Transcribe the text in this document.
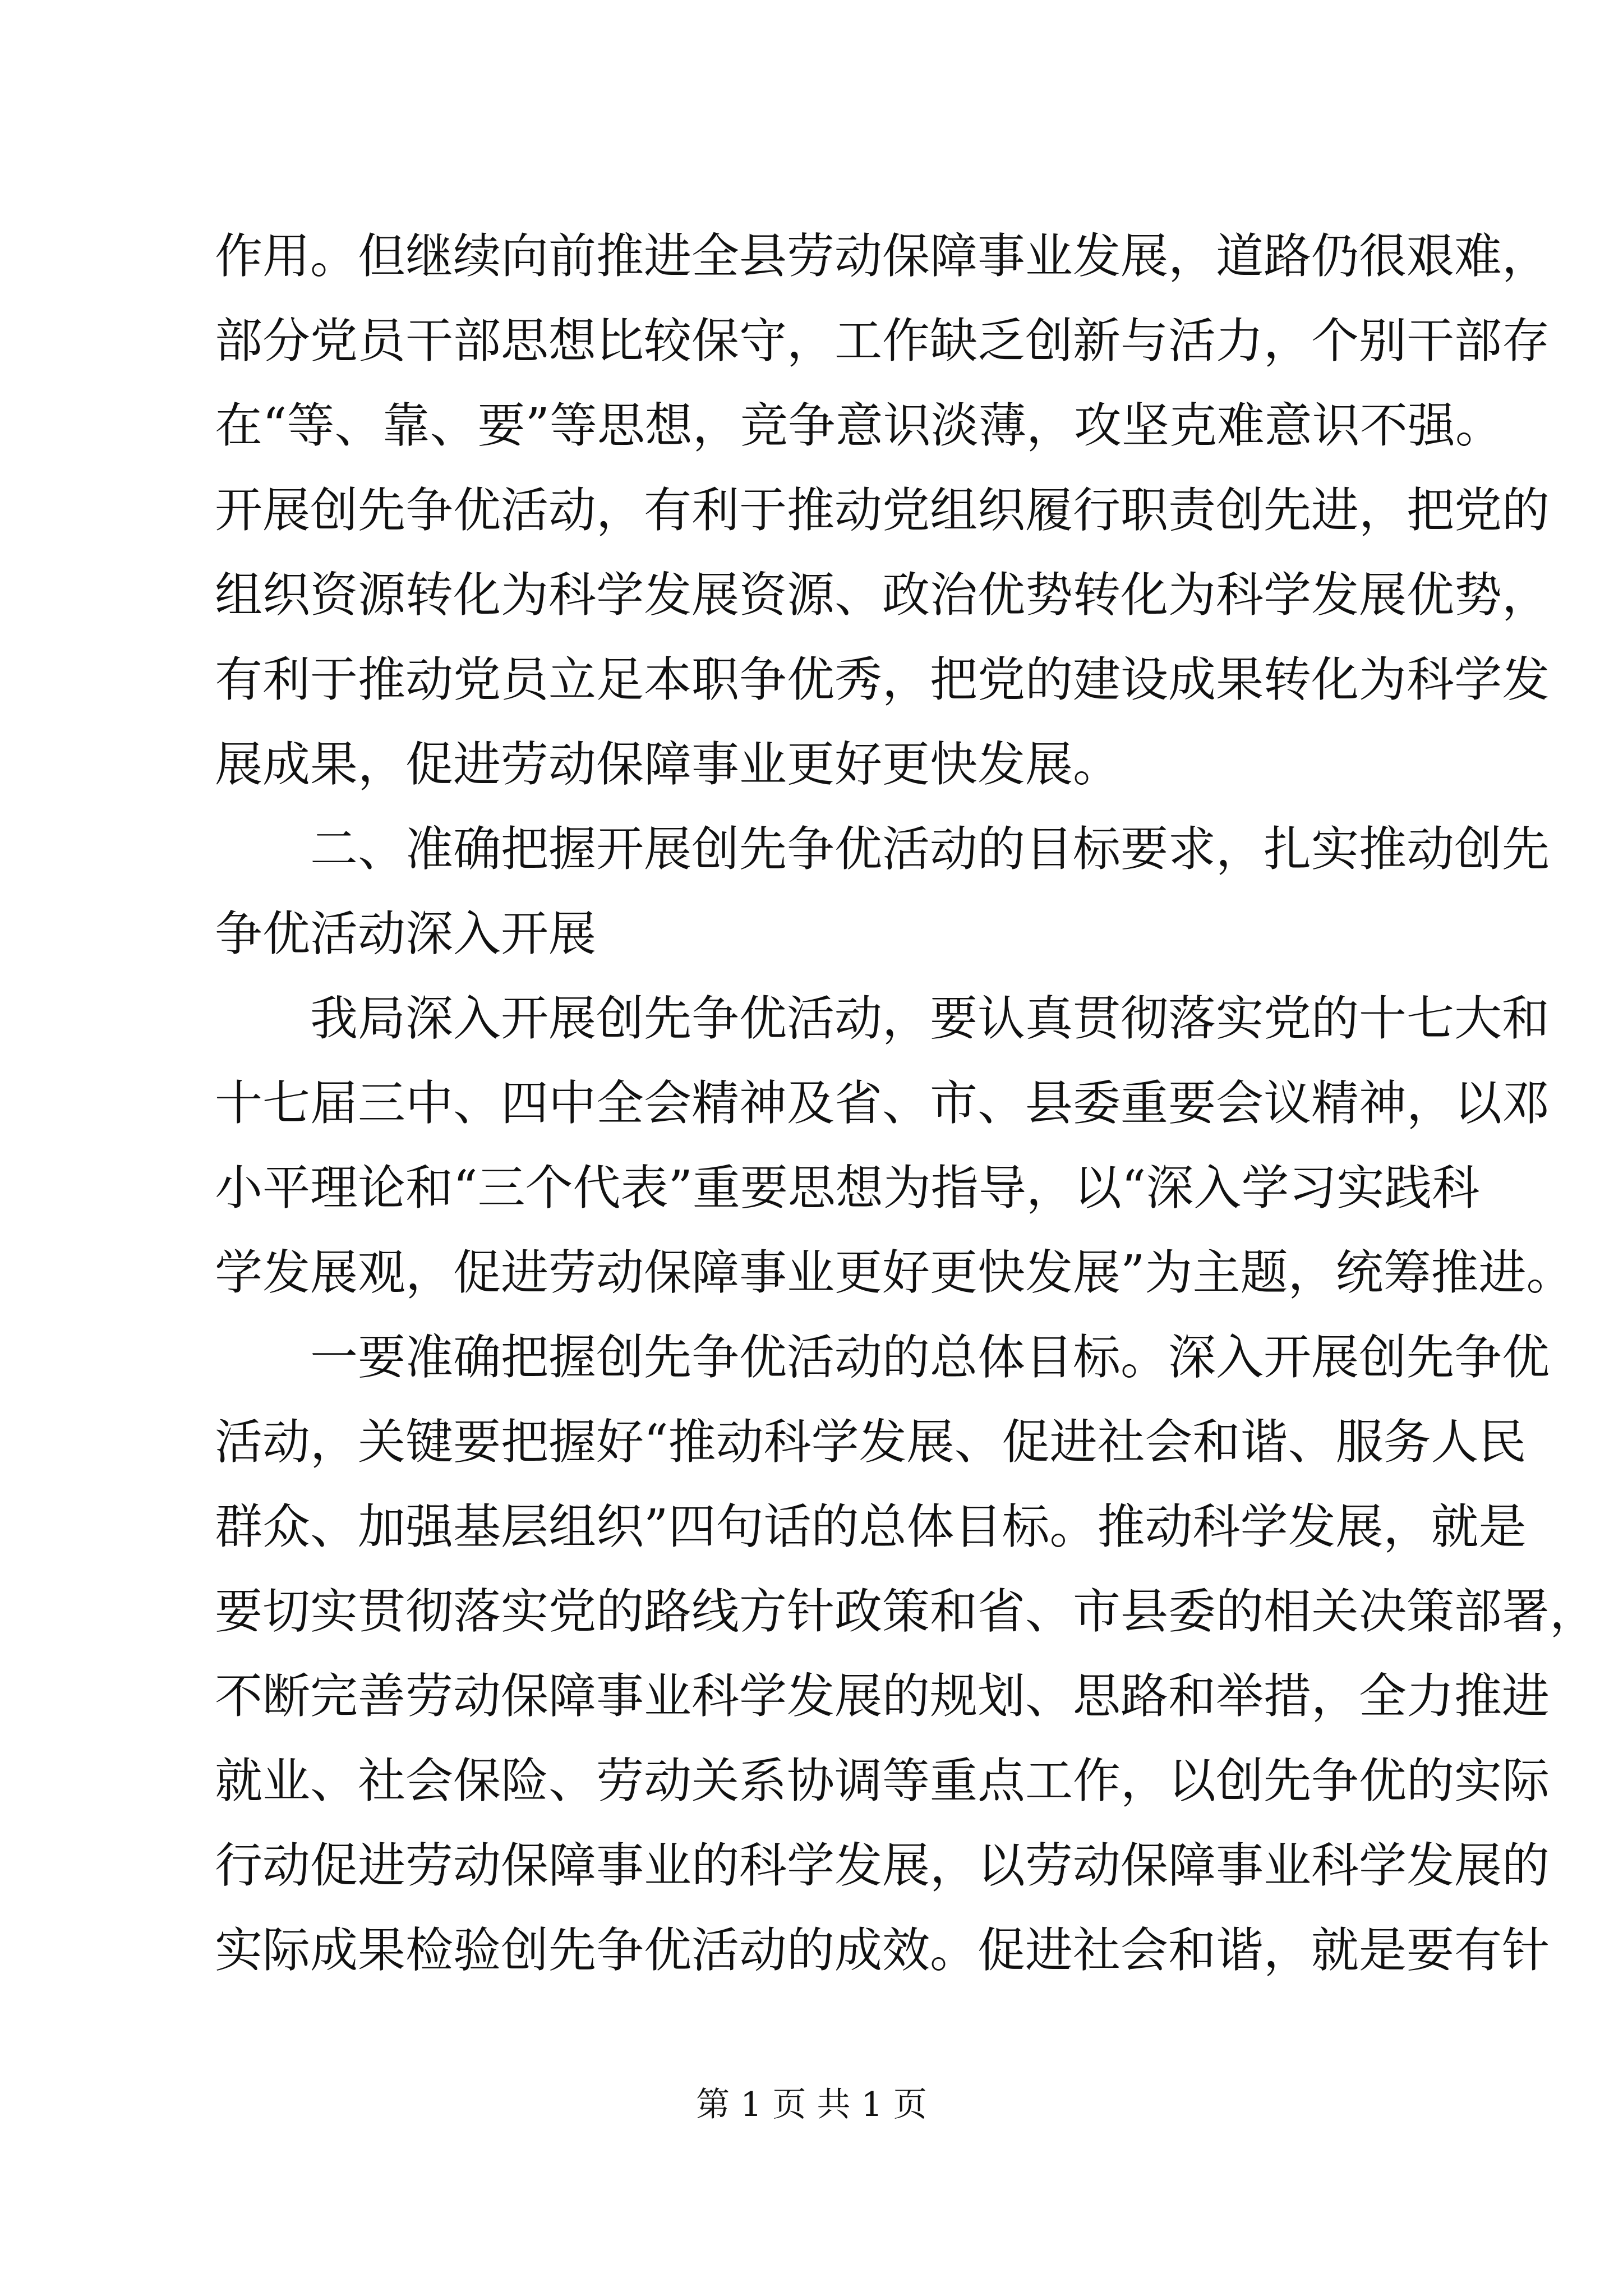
作用。但继续向前推进全县劳动保障事业发展，道路仍很艰难，
部分党员干部思想比较保守，工作缺乏创新与活力，个别干部存
在“等、靠、要”等思想，竞争意识淡薄，攻坚克难意识不强。
开展创先争优活动，有利于推动党组织履行职责创先进，把党的
组织资源转化为科学发展资源、政治优势转化为科学发展优势，
有利于推动党员立足本职争优秀，把党的建设成果转化为科学发
展成果，促进劳动保障事业更好更快发展。
二、准确把握开展创先争优活动的目标要求，扎实推动创先
争优活动深入开展
我局深入开展创先争优活动，要认真贯彻落实党的十七大和
十七届三中、四中全会精神及省、市、县委重要会议精神，以邓
小平理论和“三个代表”重要思想为指导，以“深入学习实践科
学发展观，促进劳动保障事业更好更快发展”为主题，统筹推进。
一要准确把握创先争优活动的总体目标。深入开展创先争优
活动，关键要把握好“推动科学发展、促进社会和谐、服务人民
群众、加强基层组织”四句话的总体目标。推动科学发展，就是
要切实贯彻落实党的路线方针政策和省、市县委的相关决策部署，
不断完善劳动保障事业科学发展的规划、思路和举措，全力推进
就业、社会保险、劳动关系协调等重点工作，以创先争优的实际
行动促进劳动保障事业的科学发展，以劳动保障事业科学发展的
实际成果检验创先争优活动的成效。促进社会和谐，就是要有针
第 1 页 共 1 页
